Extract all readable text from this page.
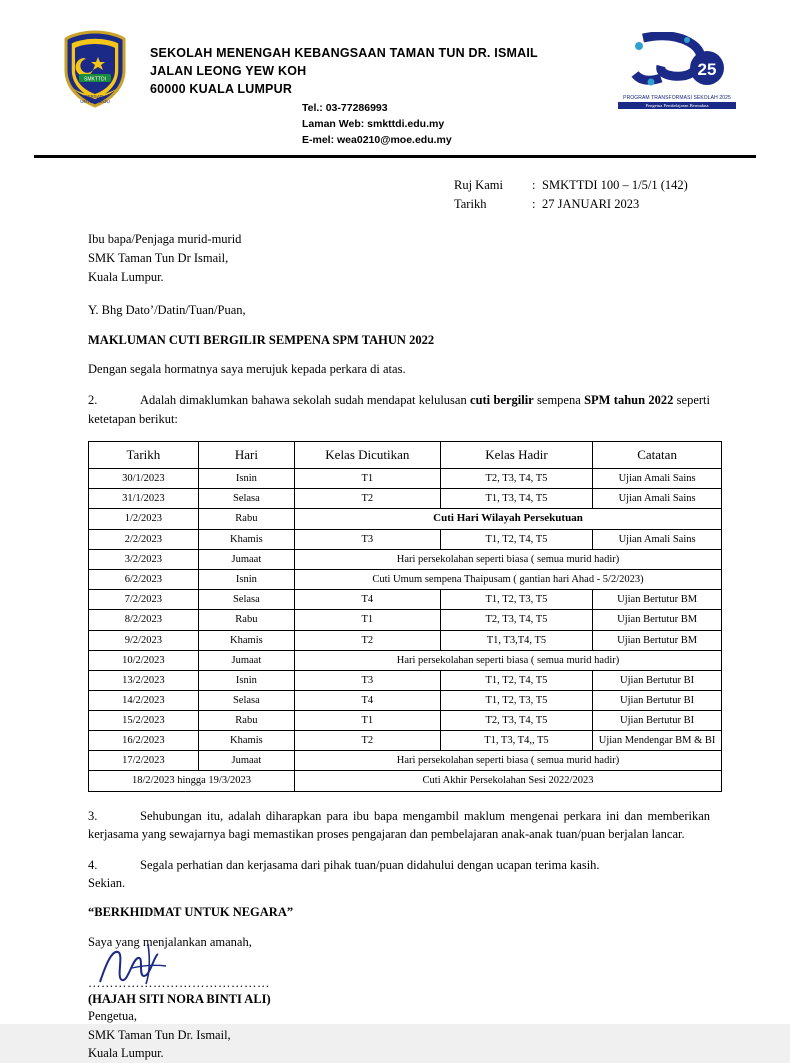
SMKTTDI
BERSATU
UNTUK MAJU
SEKOLAH MENENGAH KEBANGSAAN TAMAN TUN DR. ISMAIL
JALAN LEONG YEW KOH
60000 KUALA LUMPUR
Tel.: 03-77286993
Laman Web: smkttdi.edu.my
E-mel: wea0210@moe.edu.my
25
PROGRAM TRANSFORMASI SEKOLAH 2025
Pengetua Pembelajaran Bermakna
Ruj Kami	: SMKTTDI 100 – 1/5/1 (142)
Tarikh	: 27 JANUARI 2023
Ibu bapa/Penjaga murid-murid
SMK Taman Tun Dr Ismail,
Kuala Lumpur.
Y. Bhg Dato’/Datin/Tuan/Puan,
MAKLUMAN CUTI BERGILIR SEMPENA SPM TAHUN 2022
Dengan segala hormatnya saya merujuk kepada perkara di atas.
2.	Adalah dimaklumkan bahawa sekolah sudah mendapat kelulusan cuti bergilir sempena SPM tahun 2022 seperti ketetapan berikut:
Tarikh	Hari	Kelas Dicutikan	Kelas Hadir	Catatan
30/1/2023	Isnin	T1	T2, T3, T4, T5	Ujian Amali Sains
31/1/2023	Selasa	T2	T1, T3, T4, T5	Ujian Amali Sains
1/2/2023	Rabu	Cuti Hari Wilayah Persekutuan		
2/2/2023	Khamis	T3	T1, T2, T4, T5	Ujian Amali Sains
3/2/2023	Jumaat	Hari persekolahan seperti biasa ( semua murid hadir)		
6/2/2023	Isnin	Cuti Umum sempena Thaipusam ( gantian hari Ahad - 5/2/2023)		
7/2/2023	Selasa	T4	T1, T2, T3, T5	Ujian Bertutur BM
8/2/2023	Rabu	T1	T2, T3, T4, T5	Ujian Bertutur BM
9/2/2023	Khamis	T2	T1, T3,T4, T5	Ujian Bertutur BM
10/2/2023	Jumaat	Hari persekolahan seperti biasa ( semua murid hadir)		
13/2/2023	Isnin	T3	T1, T2, T4, T5	Ujian Bertutur BI
14/2/2023	Selasa	T4	T1, T2, T3, T5	Ujian Bertutur BI
15/2/2023	Rabu	T1	T2, T3, T4, T5	Ujian Bertutur BI
16/2/2023	Khamis	T2	T1, T3, T4,, T5	Ujian Mendengar BM & BI
17/2/2023	Jumaat	Hari persekolahan seperti biasa ( semua murid hadir)		
18/2/2023 hingga 19/3/2023		Cuti Akhir Persekolahan Sesi 2022/2023		
3.	Sehubungan itu, adalah diharapkan para ibu bapa mengambil maklum mengenai perkara ini dan memberikan kerjasama yang sewajarnya bagi memastikan proses pengajaran dan pembelajaran anak-anak tuan/puan berjalan lancar.
4.	Segala perhatian dan kerjasama dari pihak tuan/puan didahului dengan ucapan terima kasih.
Sekian.
“BERKHIDMAT UNTUK NEGARA”
Saya yang menjalankan amanah,
……………………………………
(HAJAH SITI NORA BINTI ALI)
Pengetua,
SMK Taman Tun Dr. Ismail,
Kuala Lumpur.
